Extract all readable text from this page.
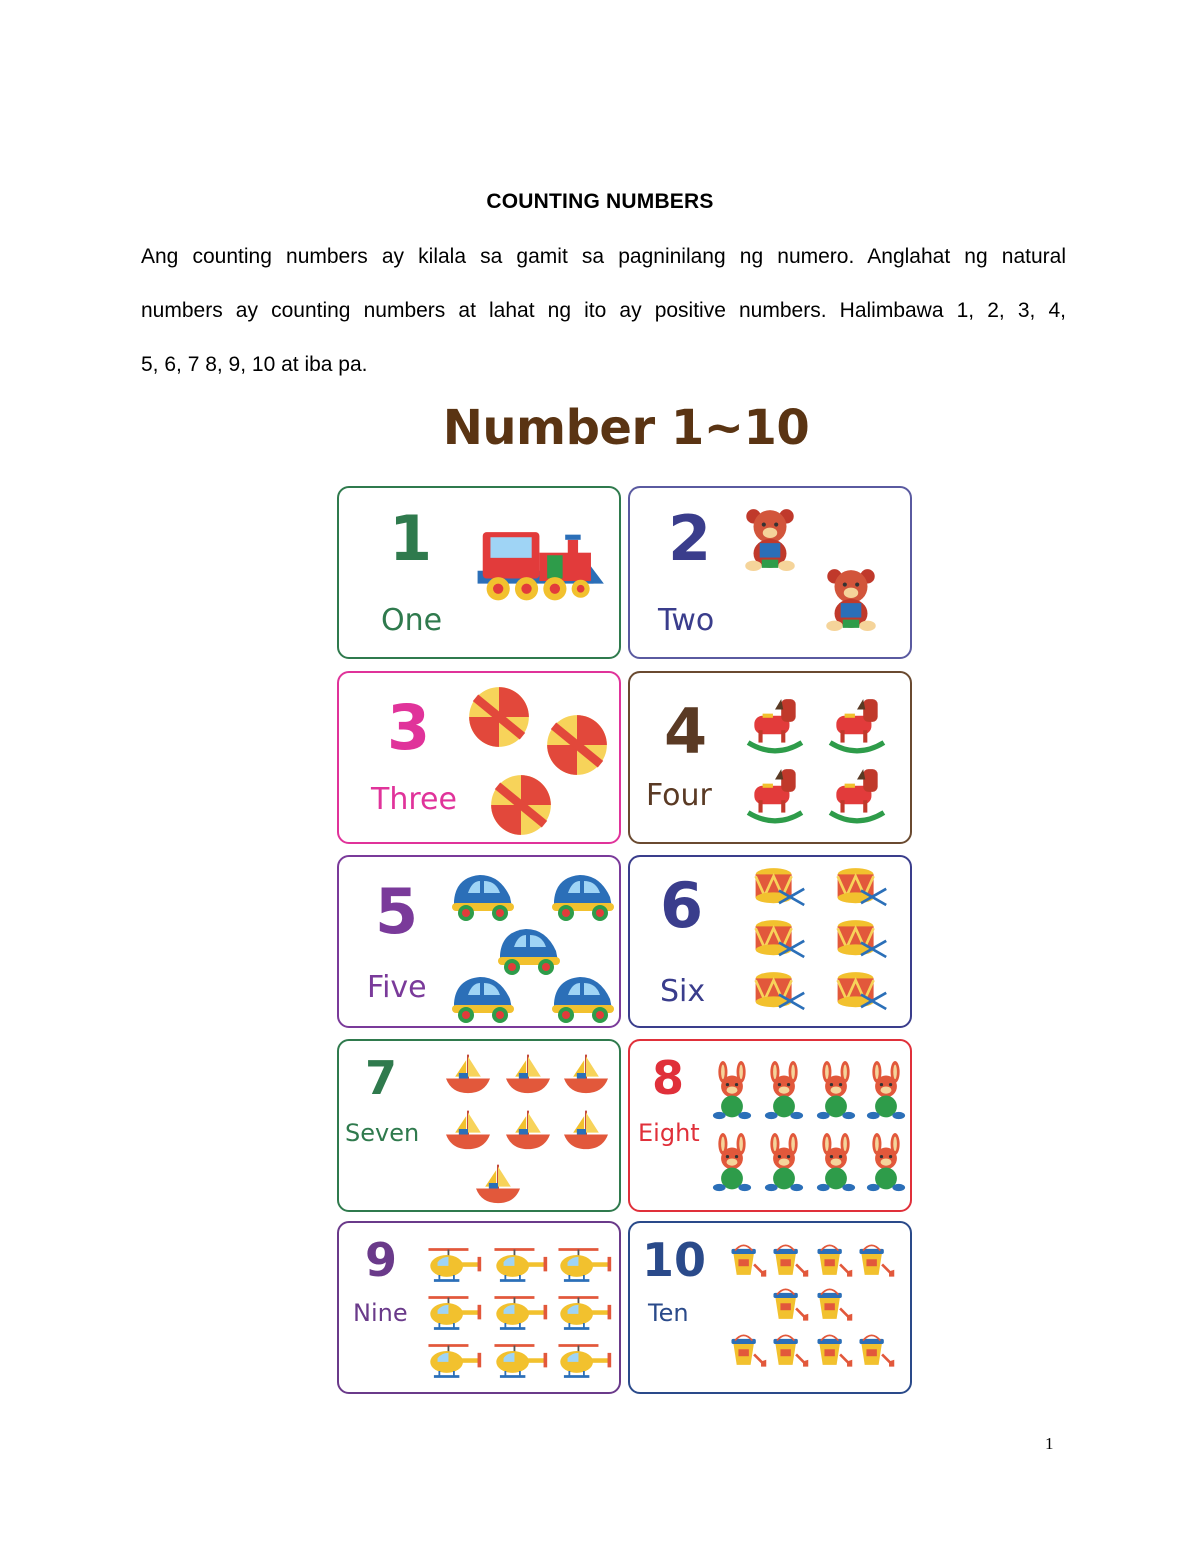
COUNTING NUMBERS
Ang counting numbers ay kilala sa gamit sa pagninilang ng numero. Anglahat ng natural
numbers ay counting numbers at lahat ng ito ay positive numbers. Halimbawa 1, 2, 3, 4,
5, 6, 7 8, 9, 10 at iba pa.
Number 1~10
1
One
2
Two
3
Three
4
Four
5
Five
6
Six
7
Seven
8
Eight
9
Nine
10
Ten
1
